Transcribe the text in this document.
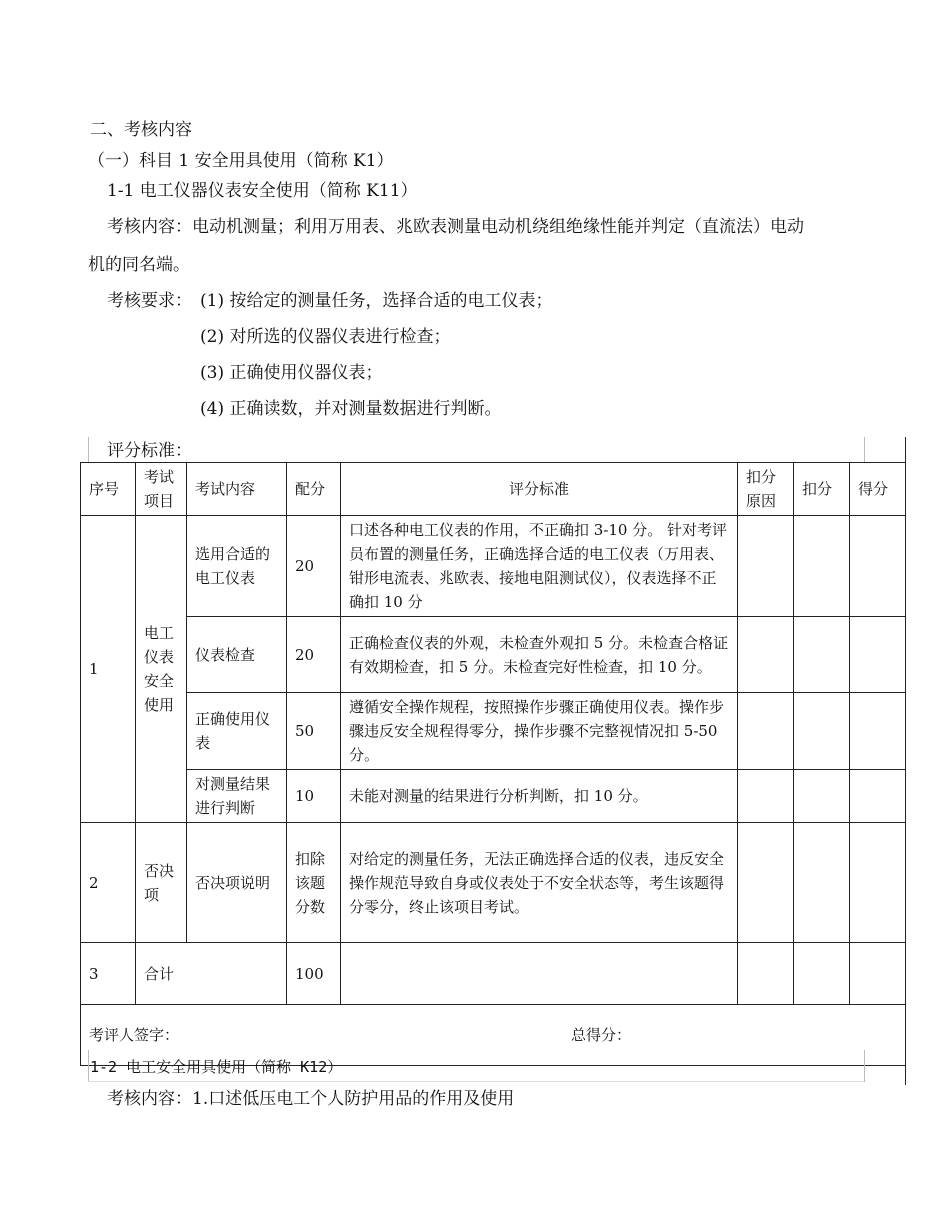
二、考核内容
（一）科目 1 安全用具使用（简称 K1）
1-1 电工仪器仪表安全使用（简称 K11）
考核内容：电动机测量；利用万用表、兆欧表测量电动机绕组绝缘性能并判定（直流法）电动
机的同名端。
考核要求： (1) 按给定的测量任务，选择合适的电工仪表；
(2) 对所选的仪器仪表进行检查；
(3) 正确使用仪器仪表；
(4) 正确读数，并对测量数据进行判断。
评分标准：
序号	考试项目	考试内容	配分	评分标准	扣分原因	扣分	得分
1	电工仪表安全使用	选用合适的电工仪表	20	口述各种电工仪表的作用，不正确扣 3-10 分。 针对考评员布置的测量任务，正确选择合适的电工仪表（万用表、钳形电流表、兆欧表、接地电阻测试仪），仪表选择不正确扣 10 分			
		仪表检查	20	正确检查仪表的外观，未检查外观扣 5 分。未检查合格证有效期检查，扣 5 分。未检查完好性检查，扣 10 分。			
		正确使用仪表	50	遵循安全操作规程，按照操作步骤正确使用仪表。操作步骤违反安全规程得零分，操作步骤不完整视情况扣 5-50 分。			
		对测量结果进行判断	10	未能对测量的结果进行分析判断，扣 10 分。			
2	否决项	否决项说明	扣除该题分数	对给定的测量任务，无法正确选择合适的仪表，违反安全操作规范导致自身或仪表处于不安全状态等，考生该题得分零分，终止该项目考试。			
3	合计		100				
考评人签字： 总得分：							
1-2 电工安全用具使用（简称 K12）
考核内容：1.口述低压电工个人防护用品的作用及使用
